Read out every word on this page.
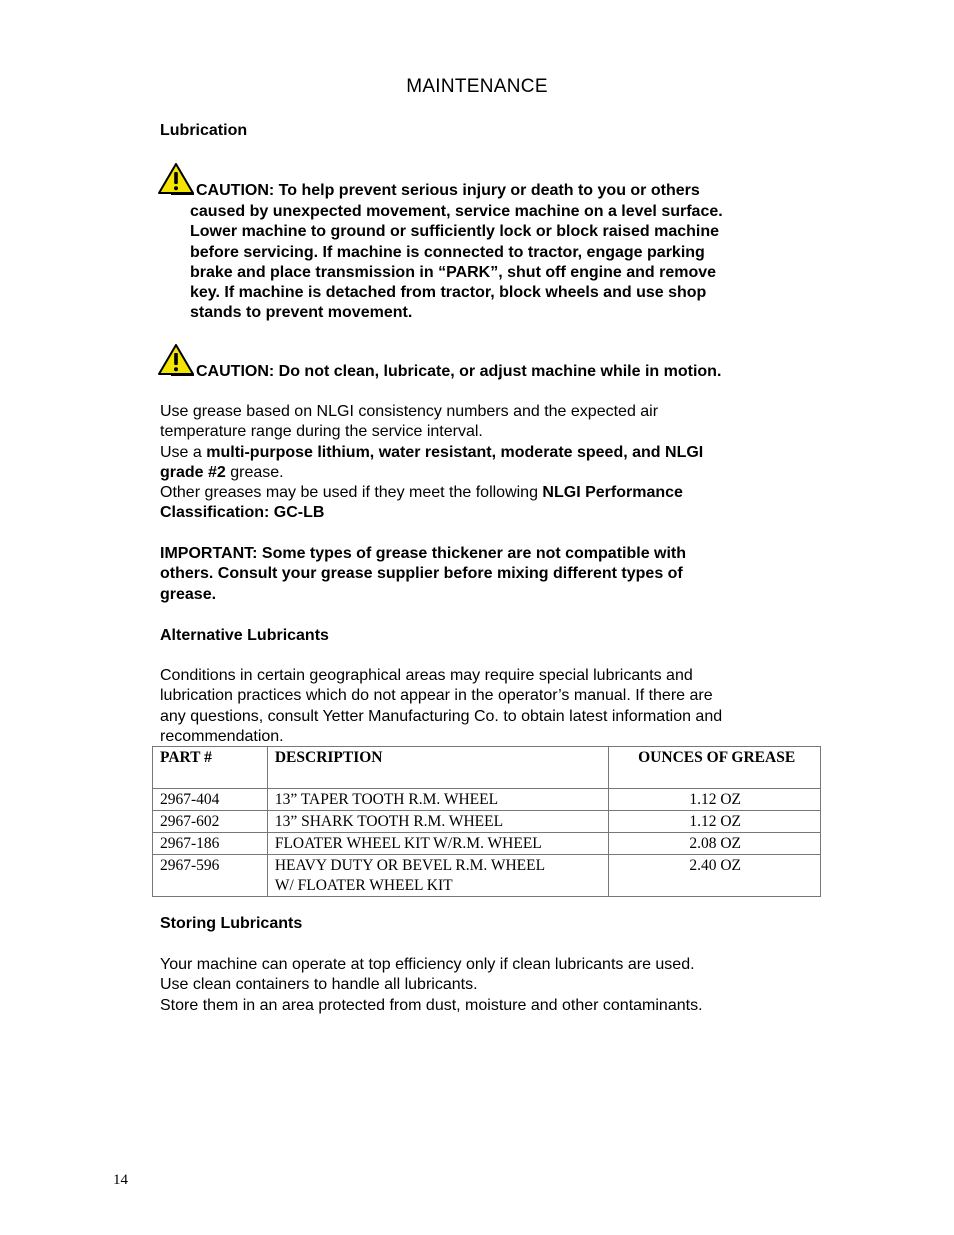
MAINTENANCE
Lubrication
CAUTION: To help prevent serious injury or death to you or others
caused by unexpected movement, service machine on a level surface.
Lower machine to ground or sufficiently lock or block raised machine
before servicing. If machine is connected to tractor, engage parking
brake and place transmission in “PARK”, shut off engine and remove
key. If machine is detached from tractor, block wheels and use shop
stands to prevent movement.
CAUTION: Do not clean, lubricate, or adjust machine while in motion.
Use grease based on NLGI consistency numbers and the expected air
temperature range during the service interval.
Use a multi-purpose lithium, water resistant, moderate speed, and NLGI
grade #2 grease.
Other greases may be used if they meet the following NLGI Performance
Classification: GC-LB
IMPORTANT: Some types of grease thickener are not compatible with
others. Consult your grease supplier before mixing different types of
grease.
Alternative Lubricants
Conditions in certain geographical areas may require special lubricants and
lubrication practices which do not appear in the operator’s manual. If there are
any questions, consult Yetter Manufacturing Co. to obtain latest information and
recommendation.
PART #	DESCRIPTION	OUNCES OF GREASE
2967-404	13” TAPER TOOTH R.M. WHEEL	1.12 OZ
2967-602	13” SHARK TOOTH R.M. WHEEL	1.12 OZ
2967-186	FLOATER WHEEL KIT W/R.M. WHEEL	2.08 OZ
2967-596	HEAVY DUTY OR BEVEL R.M. WHEEL
W/ FLOATER WHEEL KIT	2.40 OZ
Storing Lubricants
Your machine can operate at top efficiency only if clean lubricants are used.
Use clean containers to handle all lubricants.
Store them in an area protected from dust, moisture and other contaminants.
14
